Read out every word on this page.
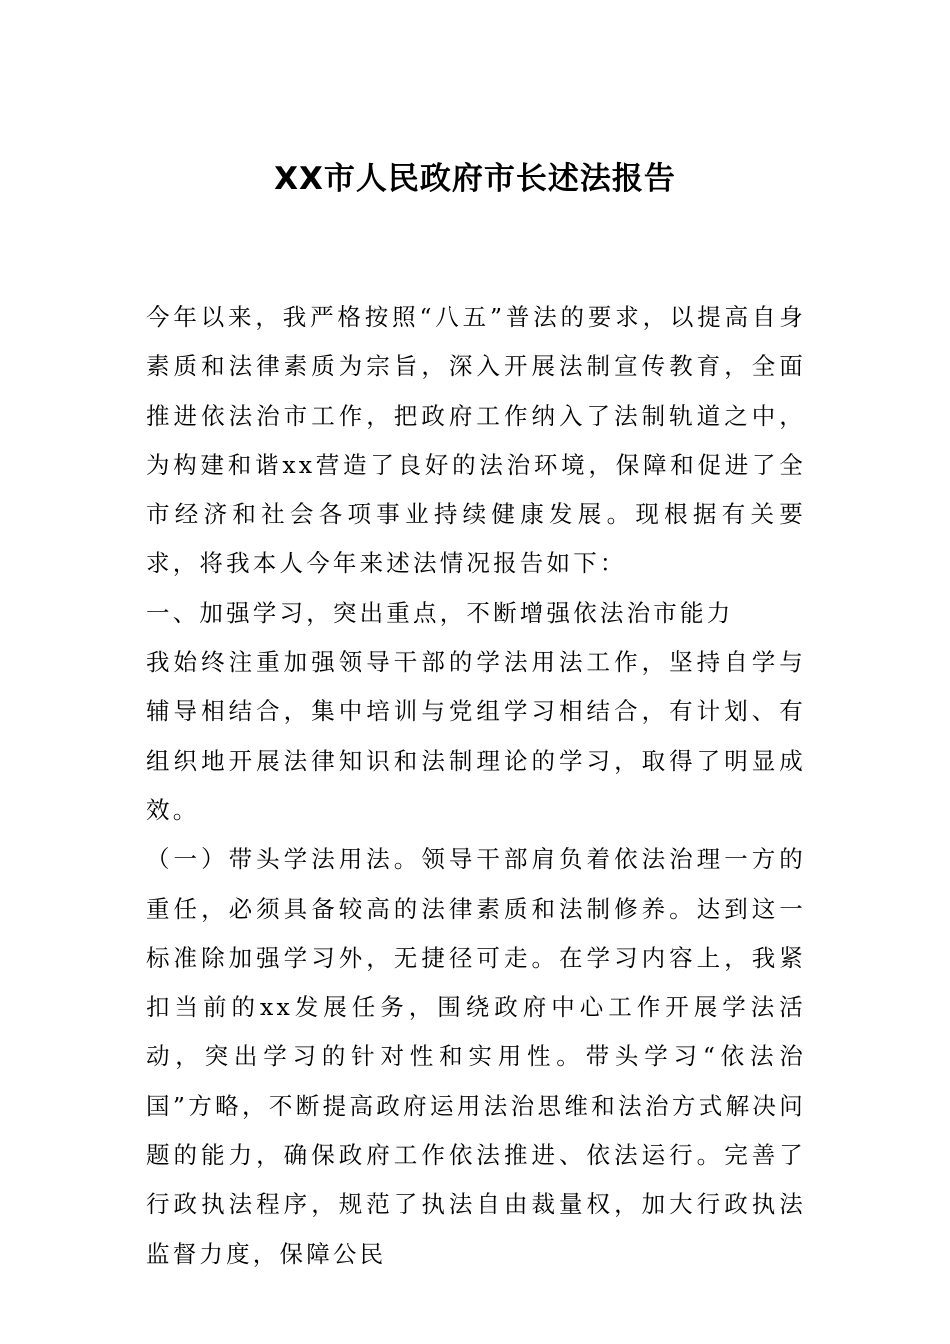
XX市人民政府市长述法报告

今年以来，我严格按照“八五”普法的要求，以提高自身素质和法律素质为宗旨，深入开展法制宣传教育，全面推进依法治市工作，把政府工作纳入了法制轨道之中，为构建和谐xx营造了良好的法治环境，保障和促进了全市经济和社会各项事业持续健康发展。现根据有关要求，将我本人今年来述法情况报告如下：

一、加强学习，突出重点，不断增强依法治市能力

我始终注重加强领导干部的学法用法工作，坚持自学与辅导相结合，集中培训与党组学习相结合，有计划、有组织地开展法律知识和法制理论的学习，取得了明显成效。

（一）带头学法用法。领导干部肩负着依法治理一方的重任，必须具备较高的法律素质和法制修养。达到这一标准除加强学习外，无捷径可走。在学习内容上，我紧扣当前的xx发展任务，围绕政府中心工作开展学法活动，突出学习的针对性和实用性。带头学习“依法治国”方略，不断提高政府运用法治思维和法治方式解决问题的能力，确保政府工作依法推进、依法运行。完善了行政执法程序，规范了执法自由裁量权，加大行政执法监督力度，保障公民
